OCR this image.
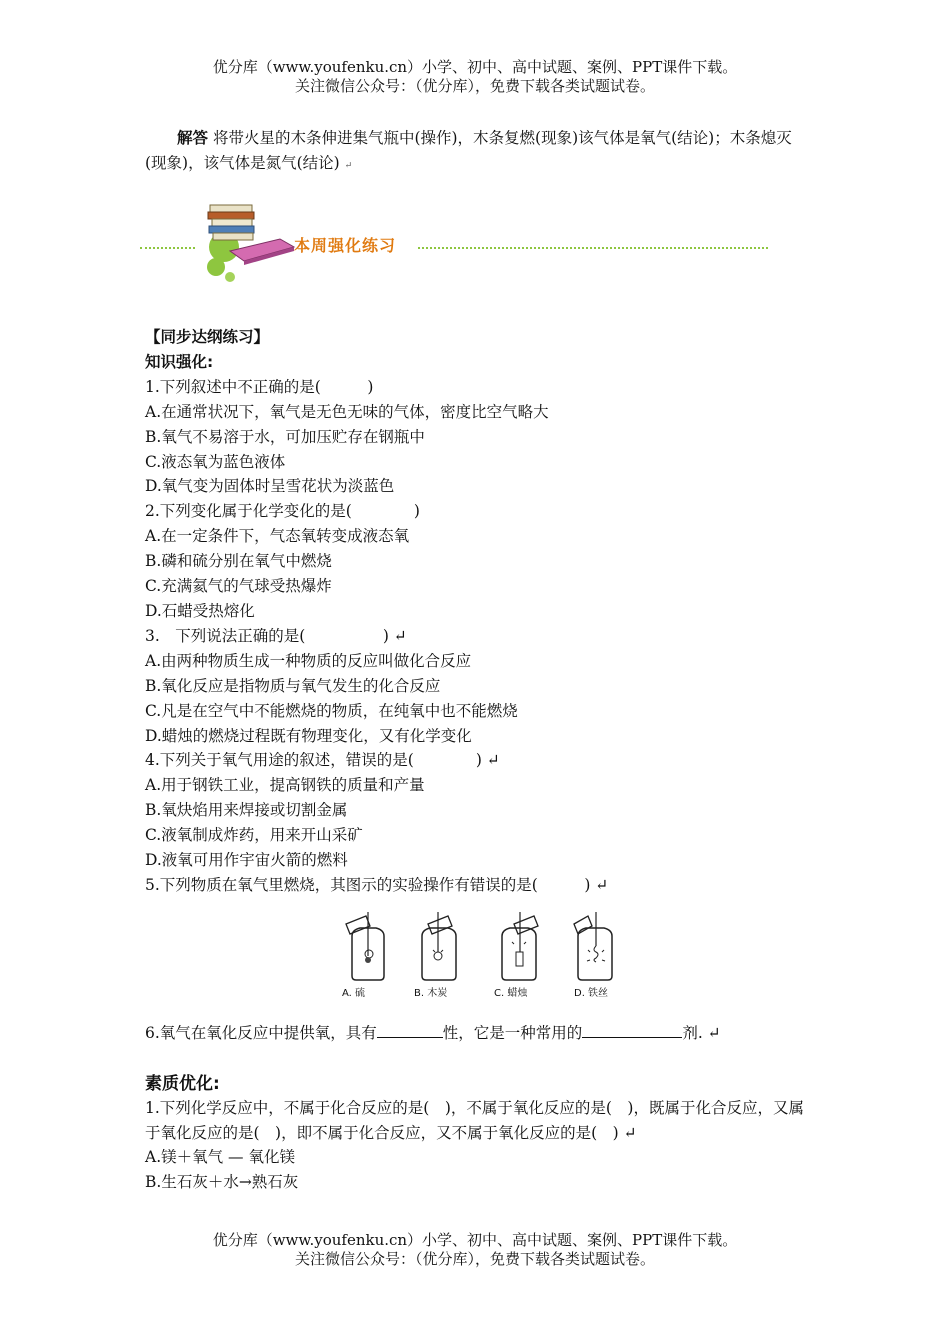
优分库（www.youfenku.cn）小学、初中、高中试题、案例、PPT课件下载。
关注微信公众号：（优分库），免费下载各类试题试卷。
解答 将带火星的木条伸进集气瓶中(操作)，木条复燃(现象)该气体是氧气(结论)；木条熄灭(现象)，该气体是氮气(结论) ↵
本周强化练习
【同步达纲练习】
知识强化:
1.下列叙述中不正确的是(　　　)
A.在通常状况下，氧气是无色无味的气体，密度比空气略大
B.氧气不易溶于水，可加压贮存在钢瓶中
C.液态氧为蓝色液体
D.氧气变为固体时呈雪花状为淡蓝色
2.下列变化属于化学变化的是(　　　　)
A.在一定条件下，气态氧转变成液态氧
B.磷和硫分别在氧气中燃烧
C.充满氦气的气球受热爆炸
D.石蜡受热熔化
3.　下列说法正确的是(　　　　　) ↵
A.由两种物质生成一种物质的反应叫做化合反应
B.氧化反应是指物质与氧气发生的化合反应
C.凡是在空气中不能燃烧的物质，在纯氧中也不能燃烧
D.蜡烛的燃烧过程既有物理变化，又有化学变化
4.下列关于氧气用途的叙述，错误的是(　　　　) ↵
A.用于钢铁工业，提高钢铁的质量和产量
B.氧炔焰用来焊接或切割金属
C.液氧制成炸药，用来开山采矿
D.液氧可用作宇宙火箭的燃料
5.下列物质在氧气里燃烧，其图示的实验操作有错误的是(　　　) ↵
A. 硫	B. 木炭	C. 蜡烛	D. 铁丝
6.氧气在氧化反应中提供氧，具有	性，它是一种常用的	剂. ↵
素质优化:
1.下列化学反应中，不属于化合反应的是(　)，不属于氧化反应的是(　)，既属于化合反应，又属于氧化反应的是(　)，即不属于化合反应，又不属于氧化反应的是(　) ↵
A.镁＋氧气 — 氧化镁
B.生石灰＋水→熟石灰
优分库（www.youfenku.cn）小学、初中、高中试题、案例、PPT课件下载。
关注微信公众号：（优分库），免费下载各类试题试卷。
